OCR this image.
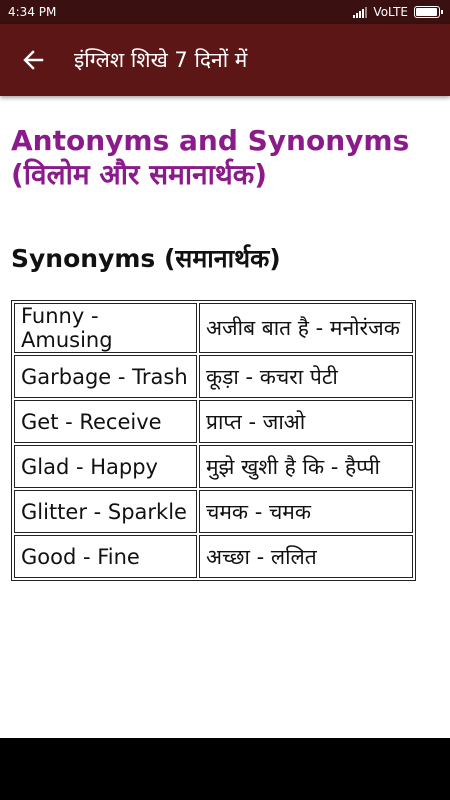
4:34 PM	VoLTE
इंग्लिश शिखे 7 दिनों में
Antonyms and Synonyms
(विलोम और समानार्थक)
Synonyms (समानार्थक)
Funny - Amusing	अजीब बात है - मनोरंजक
Garbage - Trash	कूड़ा - कचरा पेटी
Get - Receive	प्राप्त - जाओ
Glad - Happy	मुझे खुशी है कि - हैप्पी
Glitter - Sparkle	चमक - चमक
Good - Fine	अच्छा - ललित
